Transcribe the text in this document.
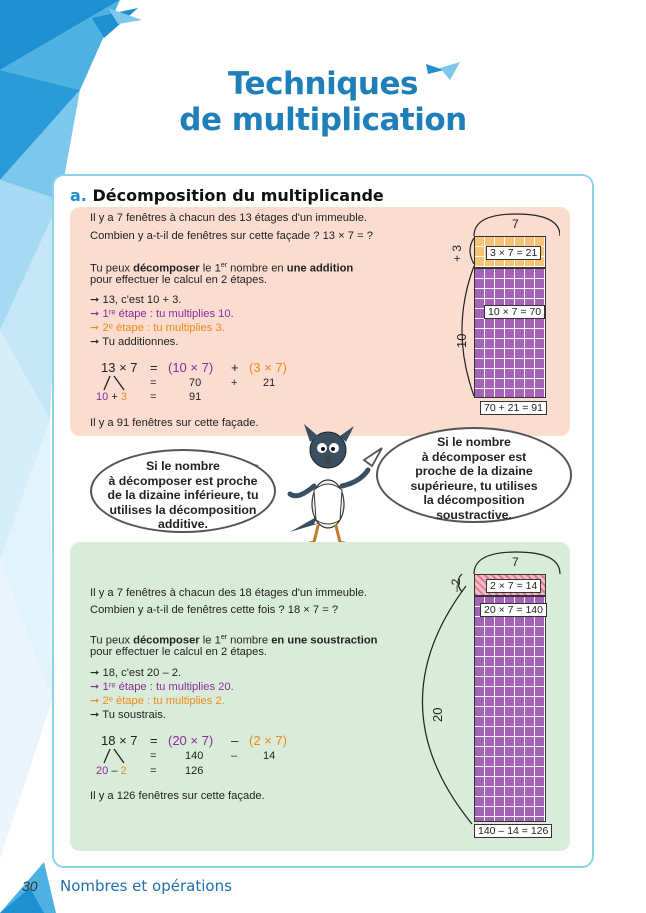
Techniques
de multiplication
a. Décomposition du multiplicande
Il y a 7 fenêtres à chacun des 13 étages d'un immeuble.
Combien y a-t-il de fenêtres sur cette façade ? 13 × 7 = ?
Tu peux décomposer le 1er nombre en une addition
pour effectuer le calcul en 2 étapes.
➞ 13, c'est 10 + 3.
➞ 1ʳᵉ étape : tu multiplies 10.
➞ 2ᵉ étape : tu multiplies 3.
➞ Tu additionnes.
13 × 7 = (10 × 7) + (3 × 7)
=	70	+ 21
=	91
10 + 3
Il y a 91 fenêtres sur cette façade.
7
+ 3
10
3 × 7 = 21
10 × 7 = 70
70 + 21 = 91
Si le nombre
à décomposer est proche
de la dizaine inférieure, tu
utilises la décomposition
additive.
Si le nombre
à décomposer est
proche de la dizaine
supérieure, tu utilises
la décomposition
soustractive.
Il y a 7 fenêtres à chacun des 18 étages d'un immeuble.
Combien y a-t-il de fenêtres cette fois ? 18 × 7 = ?
Tu peux décomposer le 1er nombre en une soustraction
pour effectuer le calcul en 2 étapes.
➞ 18, c'est 20 – 2.
➞ 1ʳᵉ étape : tu multiplies 20.
➞ 2ᵉ étape : tu multiplies 2.
➞ Tu soustrais.
18 × 7 = (20 × 7) – (2 × 7)
=	140	– 14
=	126
20 – 2
Il y a 126 fenêtres sur cette façade.
7
–2
20
2 × 7 = 14
20 × 7 = 140
140 – 14 = 126
30 Nombres et opérations
